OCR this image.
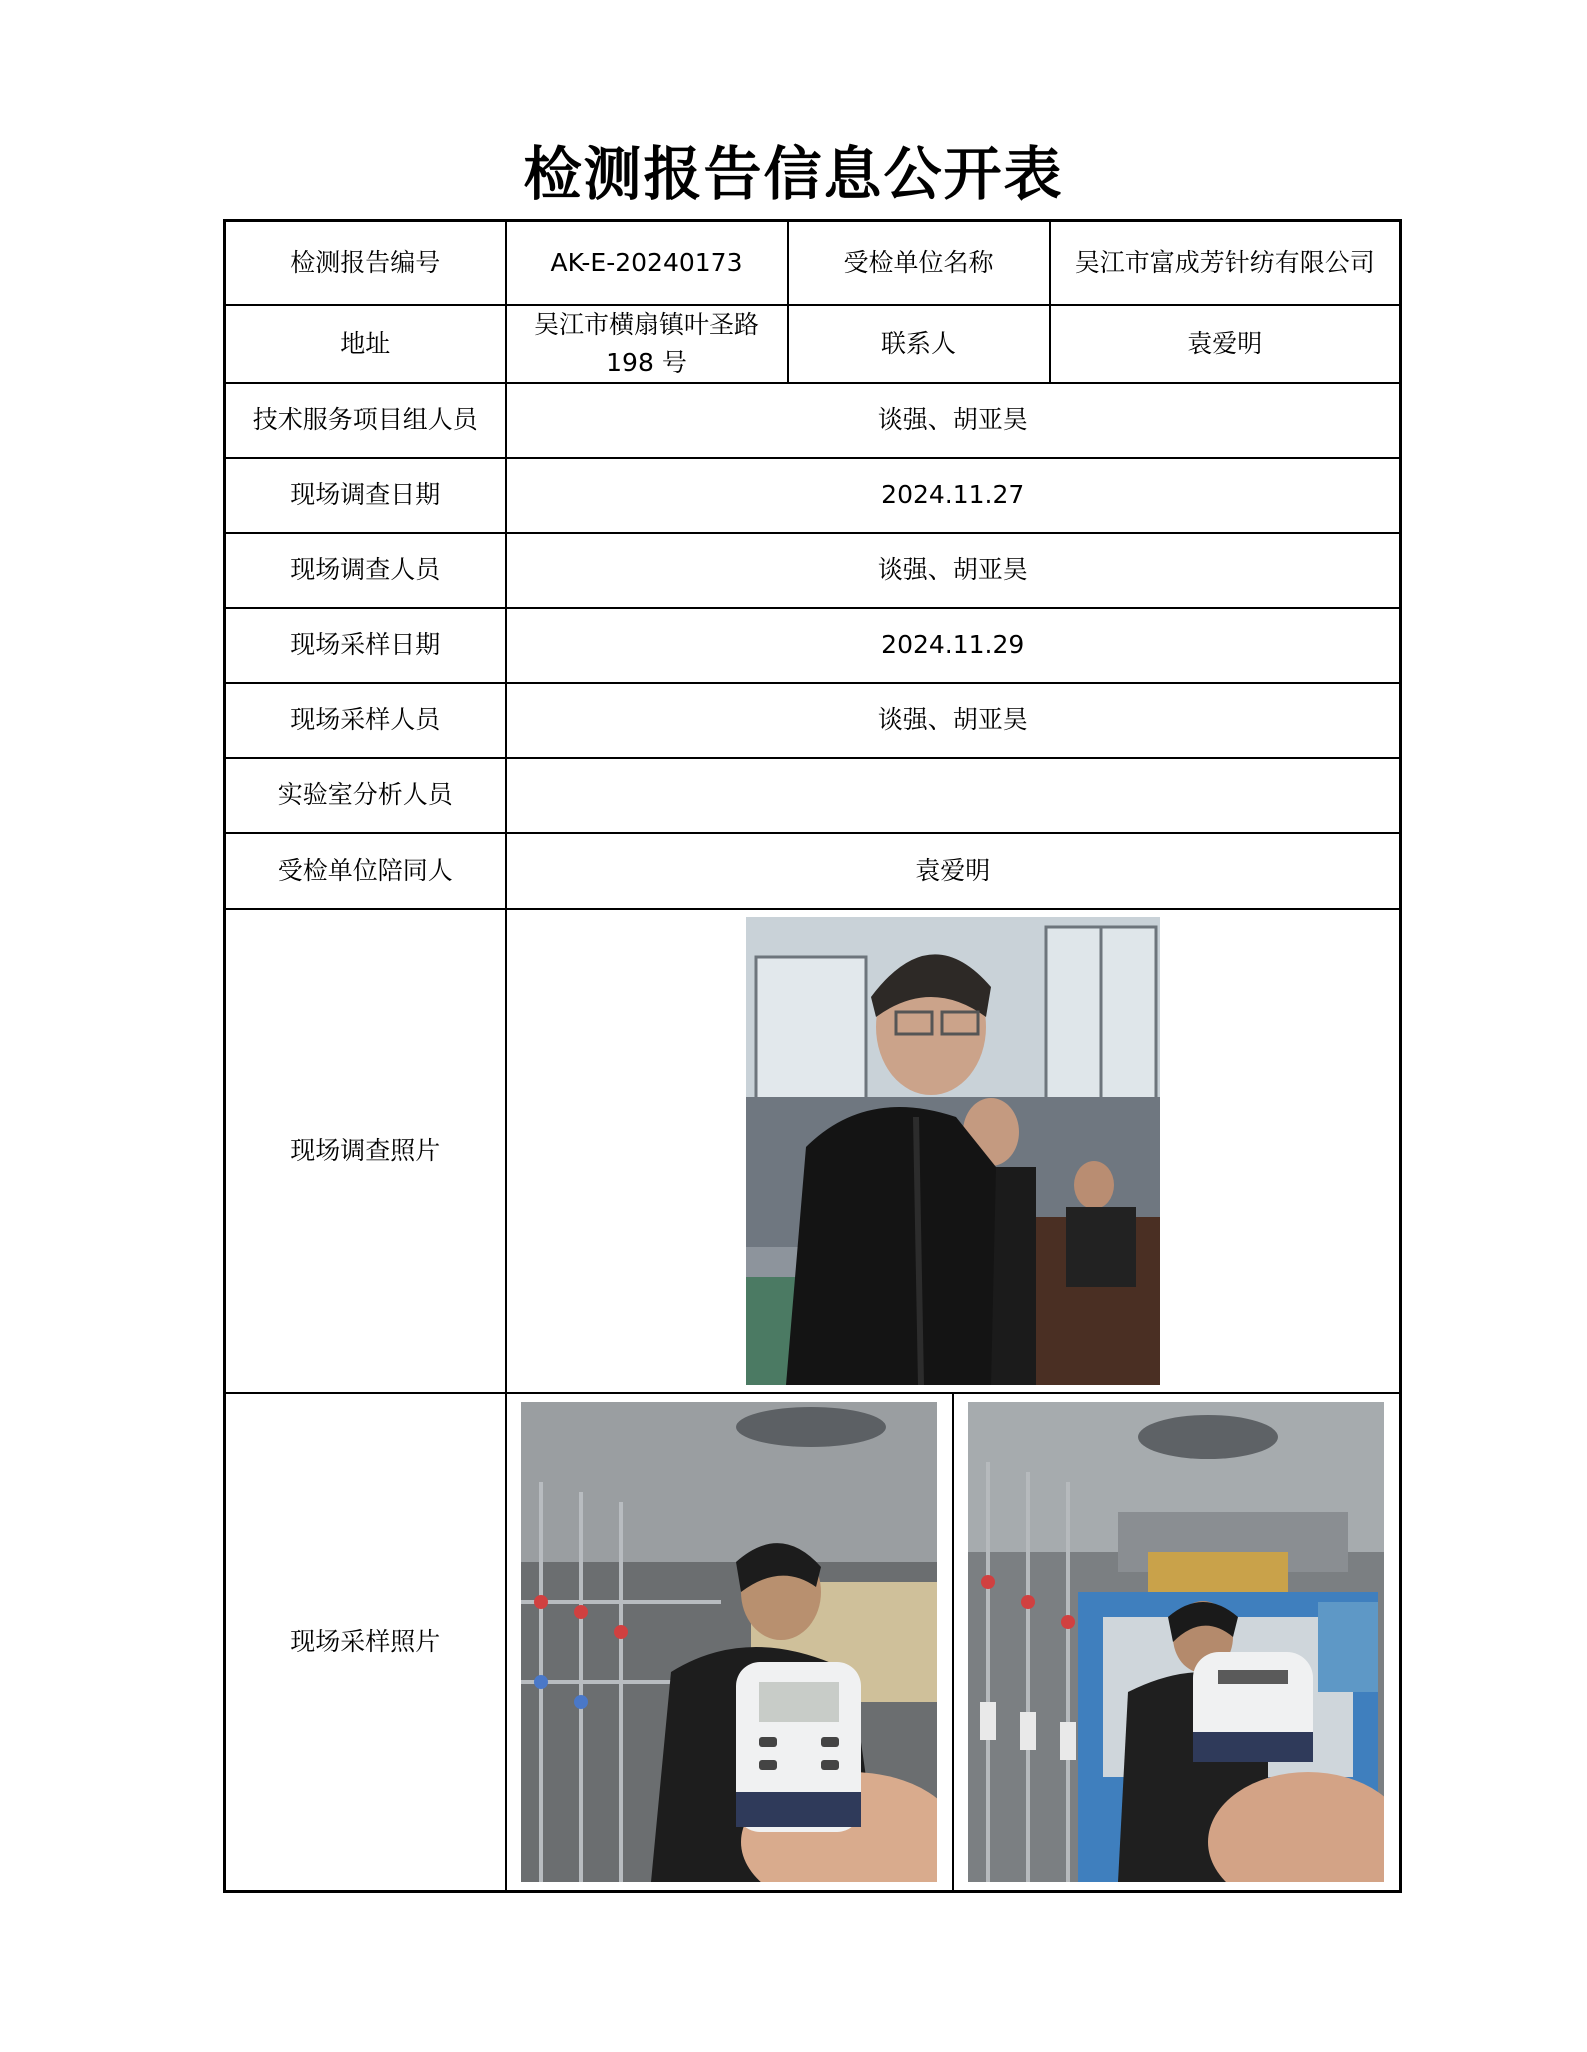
检测报告信息公开表
检测报告编号	AK-E-20240173	受检单位名称	吴江市富成芳针纺有限公司
地址	吴江市横扇镇叶圣路 198 号	联系人	袁爱明
技术服务项目组人员	谈强、胡亚昊		
现场调查日期	2024.11.27		
现场调查人员	谈强、胡亚昊		
现场采样日期	2024.11.29		
现场采样人员	谈强、胡亚昊		
实验室分析人员			
受检单位陪同人	袁爱明		
现场调查照片	

现场采样照片	
